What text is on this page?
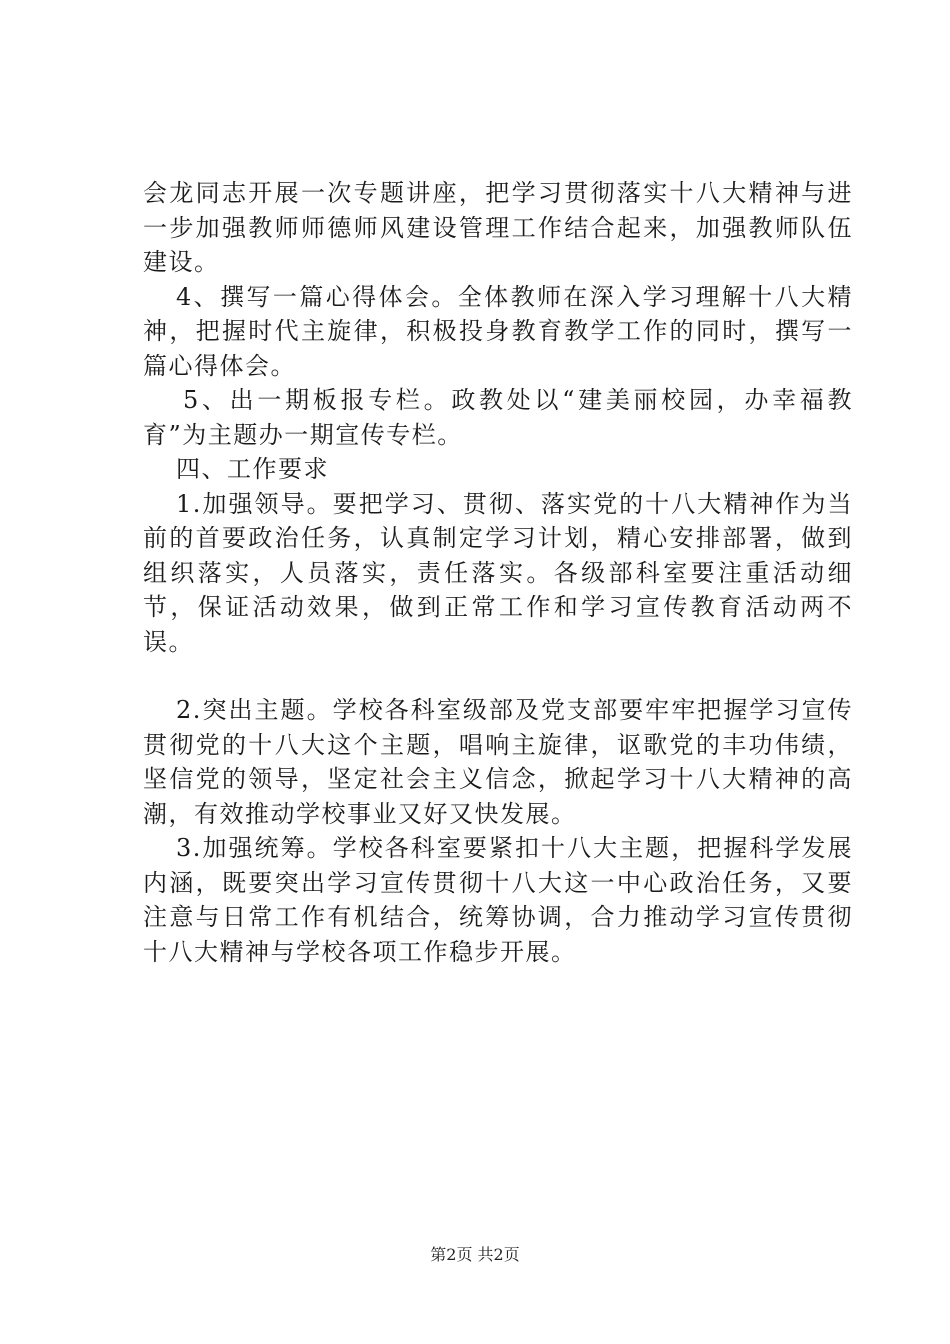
会龙同志开展一次专题讲座，把学习贯彻落实十八大精神与进一步加强教师师德师风建设管理工作结合起来，加强教师队伍建设。

4、撰写一篇心得体会。全体教师在深入学习理解十八大精神，把握时代主旋律，积极投身教育教学工作的同时，撰写一篇心得体会。

5、出一期板报专栏。政教处以“建美丽校园，办幸福教育”为主题办一期宣传专栏。

四、工作要求

1.加强领导。要把学习、贯彻、落实党的十八大精神作为当前的首要政治任务，认真制定学习计划，精心安排部署，做到组织落实，人员落实，责任落实。各级部科室要注重活动细节，保证活动效果，做到正常工作和学习宣传教育活动两不误。

2.突出主题。学校各科室级部及党支部要牢牢把握学习宣传贯彻党的十八大这个主题，唱响主旋律，讴歌党的丰功伟绩，坚信党的领导，坚定社会主义信念，掀起学习十八大精神的高潮，有效推动学校事业又好又快发展。

3.加强统筹。学校各科室要紧扣十八大主题，把握科学发展内涵，既要突出学习宣传贯彻十八大这一中心政治任务，又要注意与日常工作有机结合，统筹协调，合力推动学习宣传贯彻十八大精神与学校各项工作稳步开展。

第2页 共2页
